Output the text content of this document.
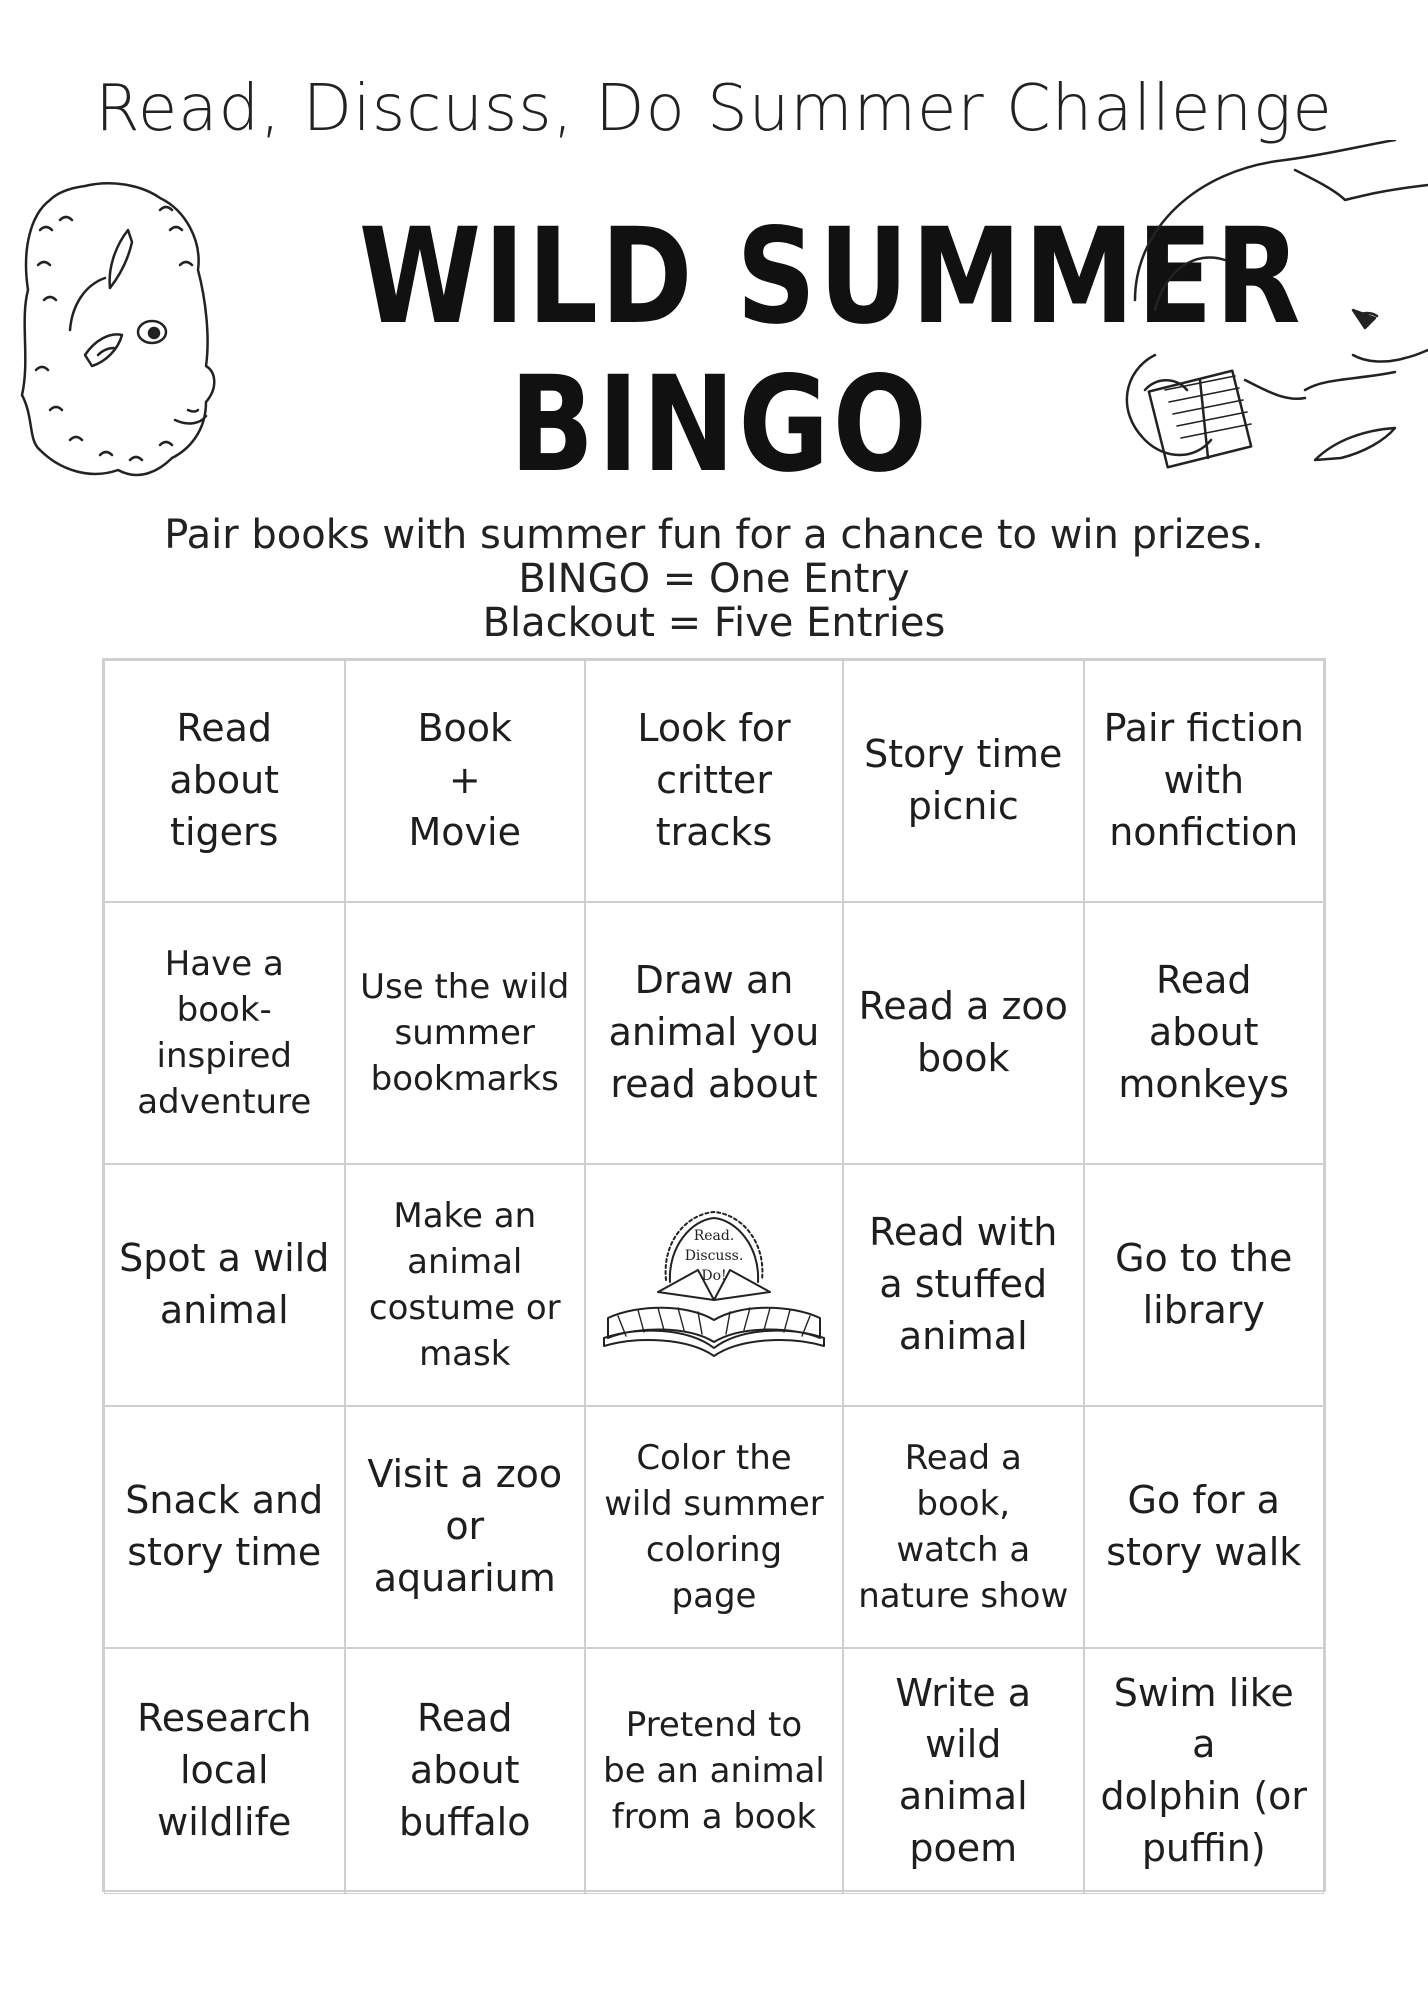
Read, Discuss, Do Summer Challenge
WILD SUMMER
BINGO
Pair books with summer fun for a chance to win prizes.
BINGO = One Entry
Blackout = Five Entries
Read about
tigers
Book
+
Movie
Look for
critter
tracks
Story time
picnic
Pair fiction
with
nonfiction
Have a book-
inspired
adventure
Use the wild
summer
bookmarks
Draw an
animal you
read about
Read a zoo
book
Read about
monkeys
Spot a wild
animal
Make an
animal
costume or
mask
Read.
Discuss.
Do!
Read with
a stuffed
animal
Go to the
library
Snack and
story time
Visit a zoo
or
aquarium
Color the
wild summer
coloring
page
Read a book,
watch a
nature show
Go for a
story walk
Research
local
wildlife
Read about
buffalo
Pretend to
be an animal
from a book
Write a
wild animal
poem
Swim like a
dolphin (or
puffin)
